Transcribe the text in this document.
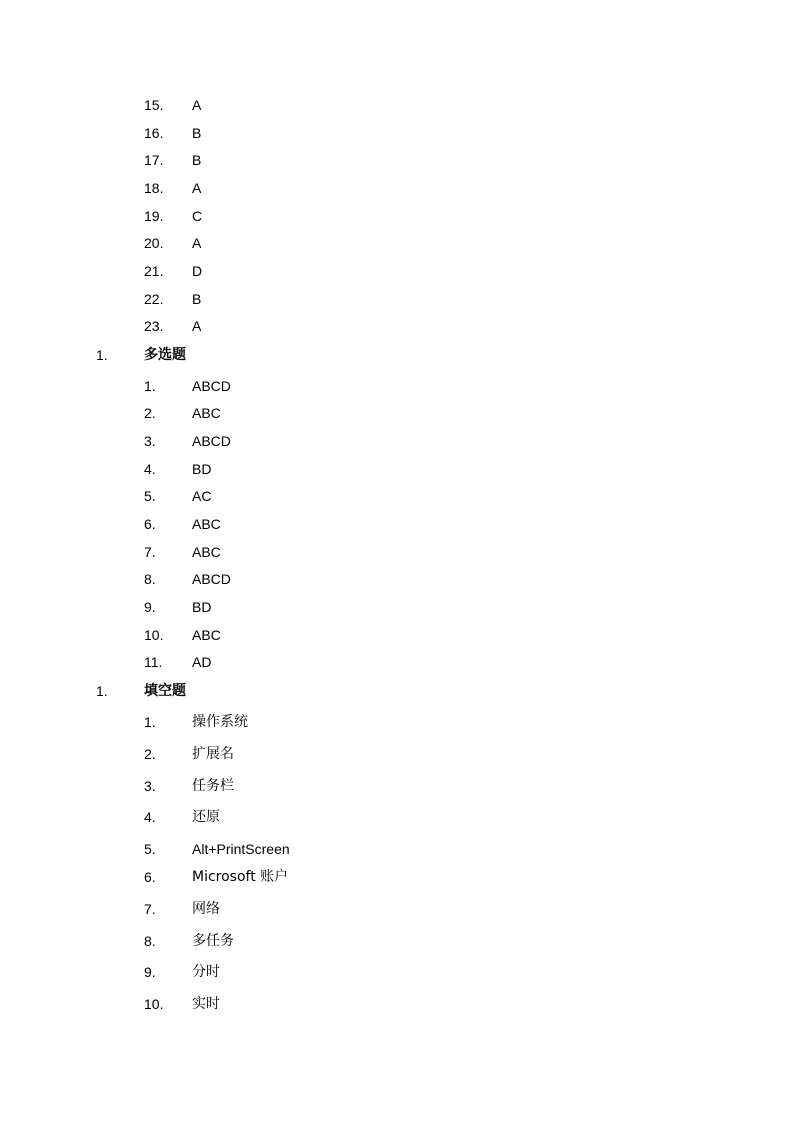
15. A
16. B
17. B
18. A
19. C
20. A
21. D
22. B
23. A
1.	多选题
1.	ABCD
2.	ABC
3.	ABCD
4.	BD
5.	AC
6.	ABC
7.	ABC
8.	ABCD
9.	BD
10. ABC
11. AD
1.	填空题
1.	操作系统
2.	扩展名
3.	任务栏
4.	还原
5.	Alt+PrintScreen
6.	Microsoft 账户
7.	网络
8.	多任务
9.	分时
10. 实时
